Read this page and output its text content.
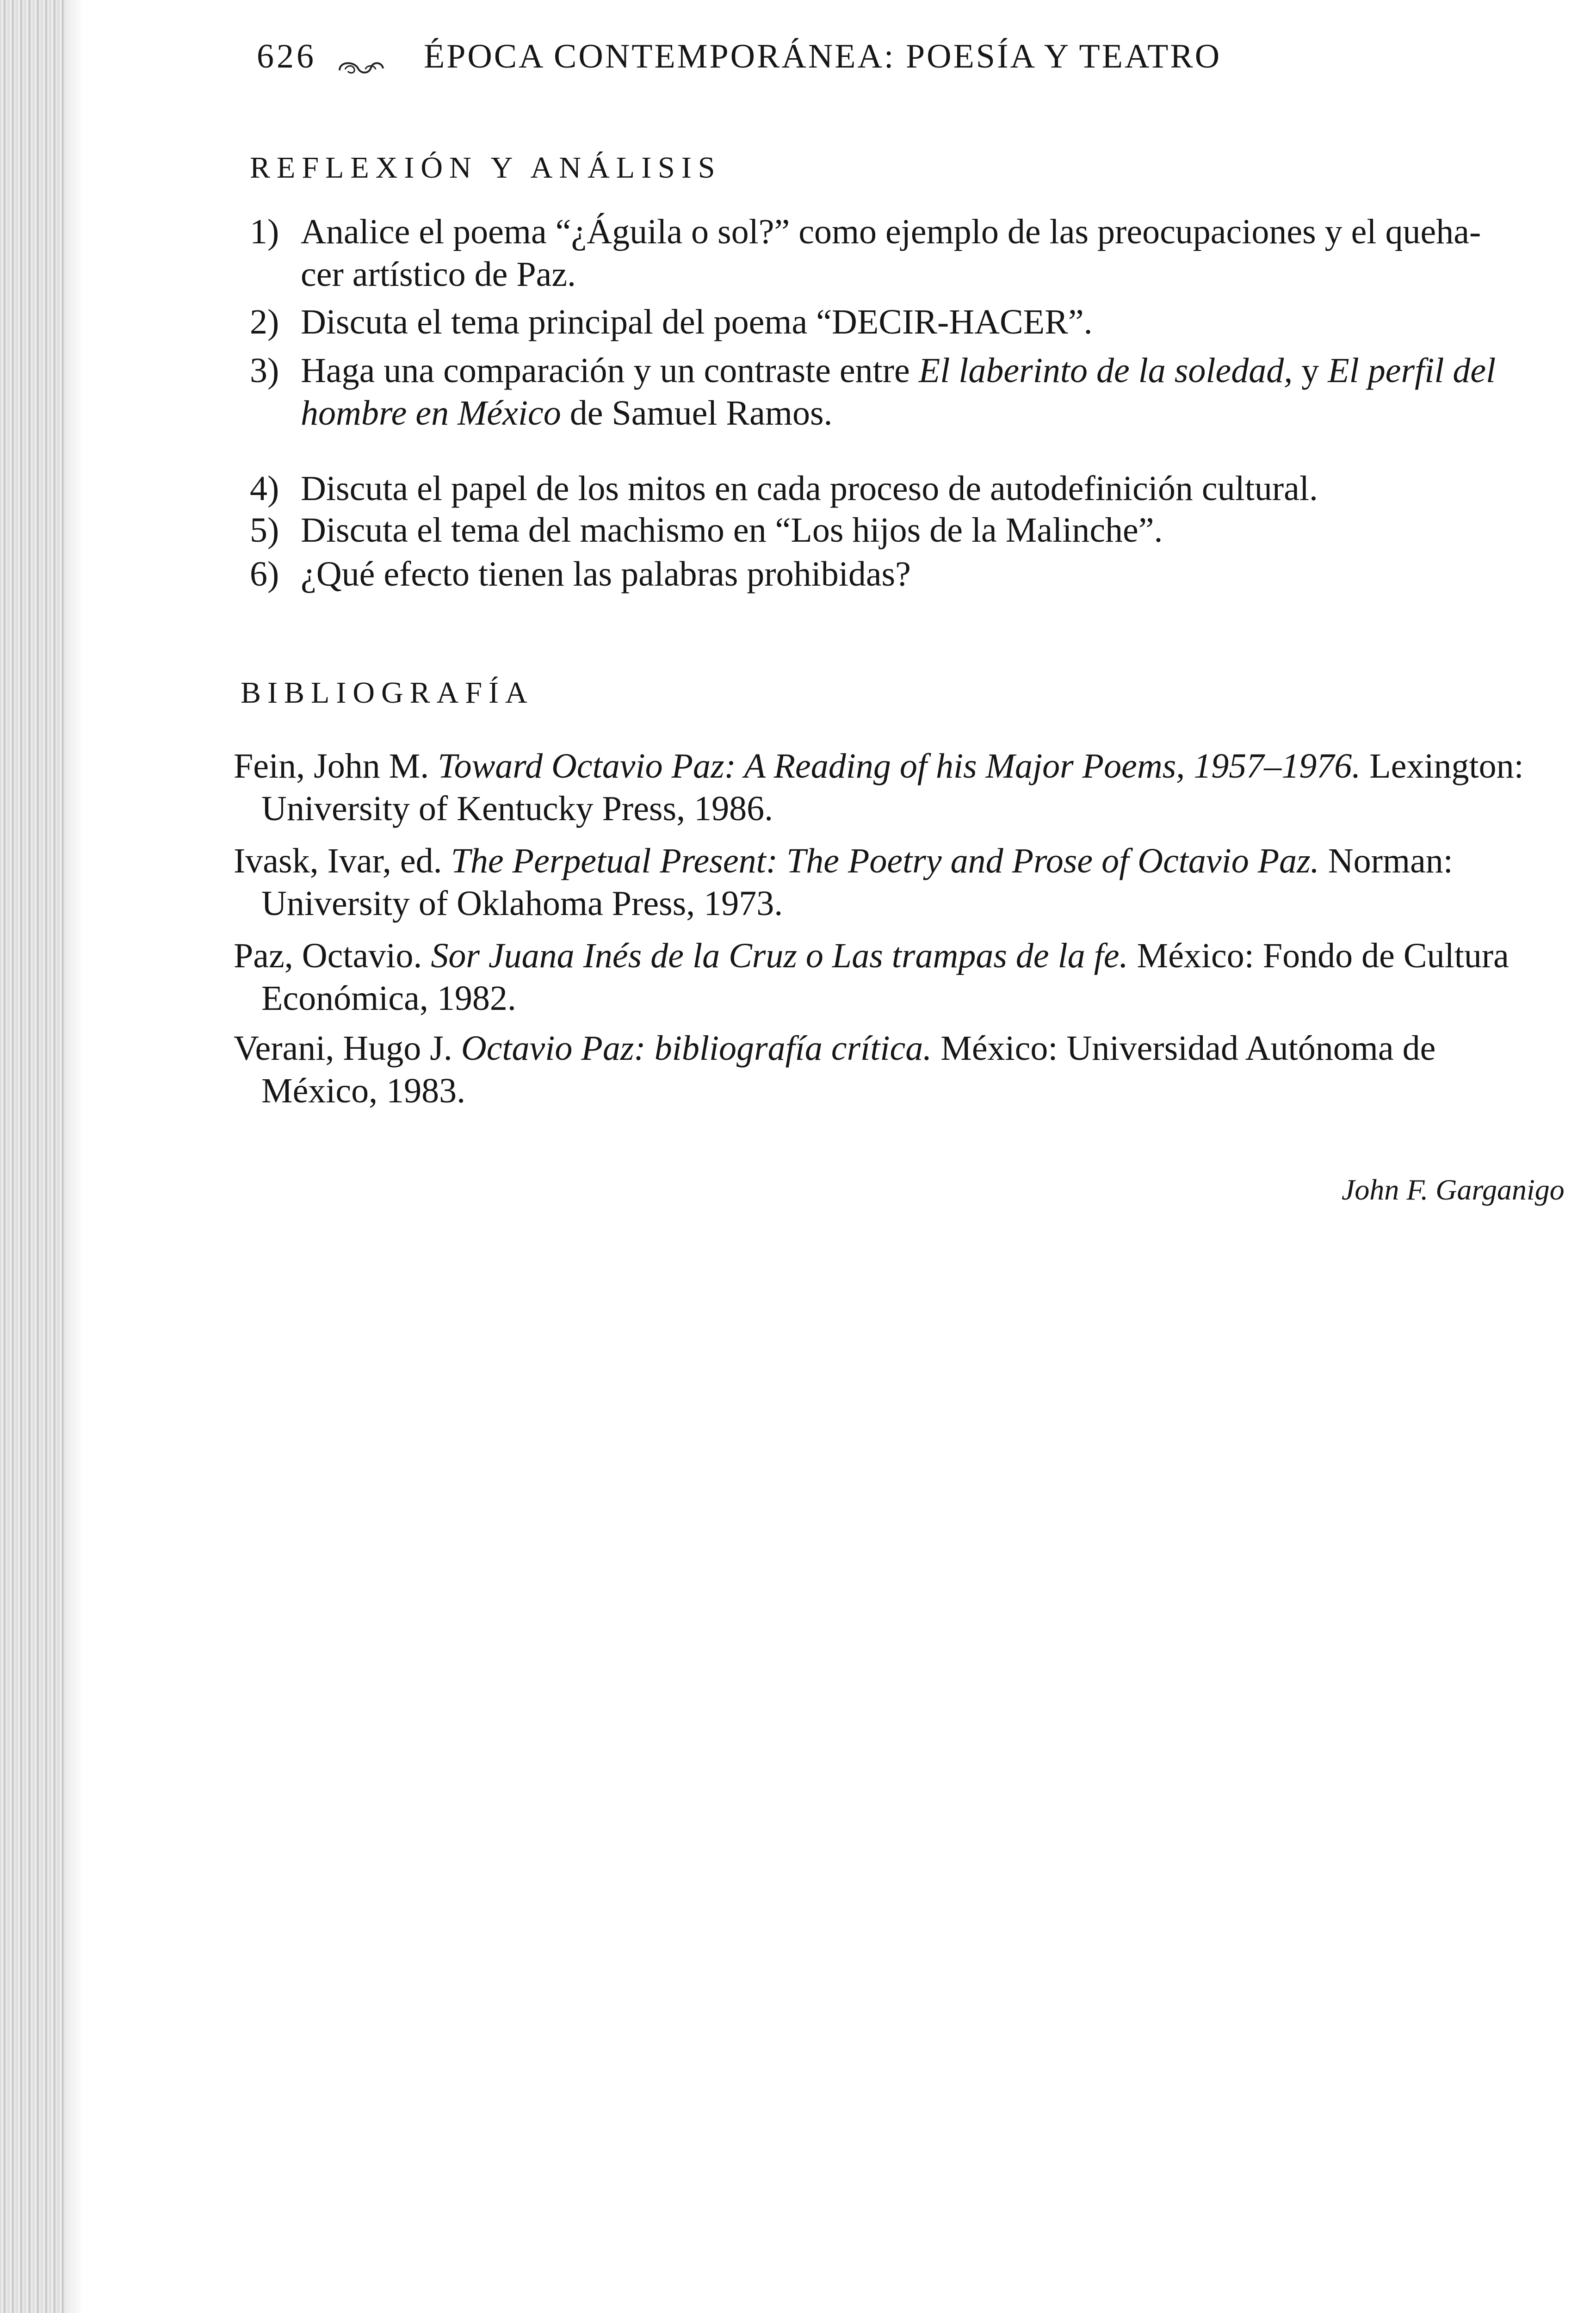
626	ÉPOCA CONTEMPORÁNEA: POESÍA Y TEATRO
REFLEXIÓN Y ANÁLISIS
1) Analice el poema “¿Águila o sol?” como ejemplo de las preocupaciones y el queha-
cer artístico de Paz.
2) Discuta el tema principal del poema “DECIR-HACER”.
3) Haga una comparación y un contraste entre El laberinto de la soledad, y El perfil del
hombre en México de Samuel Ramos.
4) Discuta el papel de los mitos en cada proceso de autodefinición cultural.
5) Discuta el tema del machismo en “Los hijos de la Malinche”.
6) ¿Qué efecto tienen las palabras prohibidas?
BIBLIOGRAFÍA
Fein, John M. Toward Octavio Paz: A Reading of his Major Poems, 1957–1976. Lexington:
University of Kentucky Press, 1986.
Ivask, Ivar, ed. The Perpetual Present: The Poetry and Prose of Octavio Paz. Norman:
University of Oklahoma Press, 1973.
Paz, Octavio. Sor Juana Inés de la Cruz o Las trampas de la fe. México: Fondo de Cultura
Económica, 1982.
Verani, Hugo J. Octavio Paz: bibliografía crítica. México: Universidad Autónoma de
México, 1983.
John F. Garganigo
